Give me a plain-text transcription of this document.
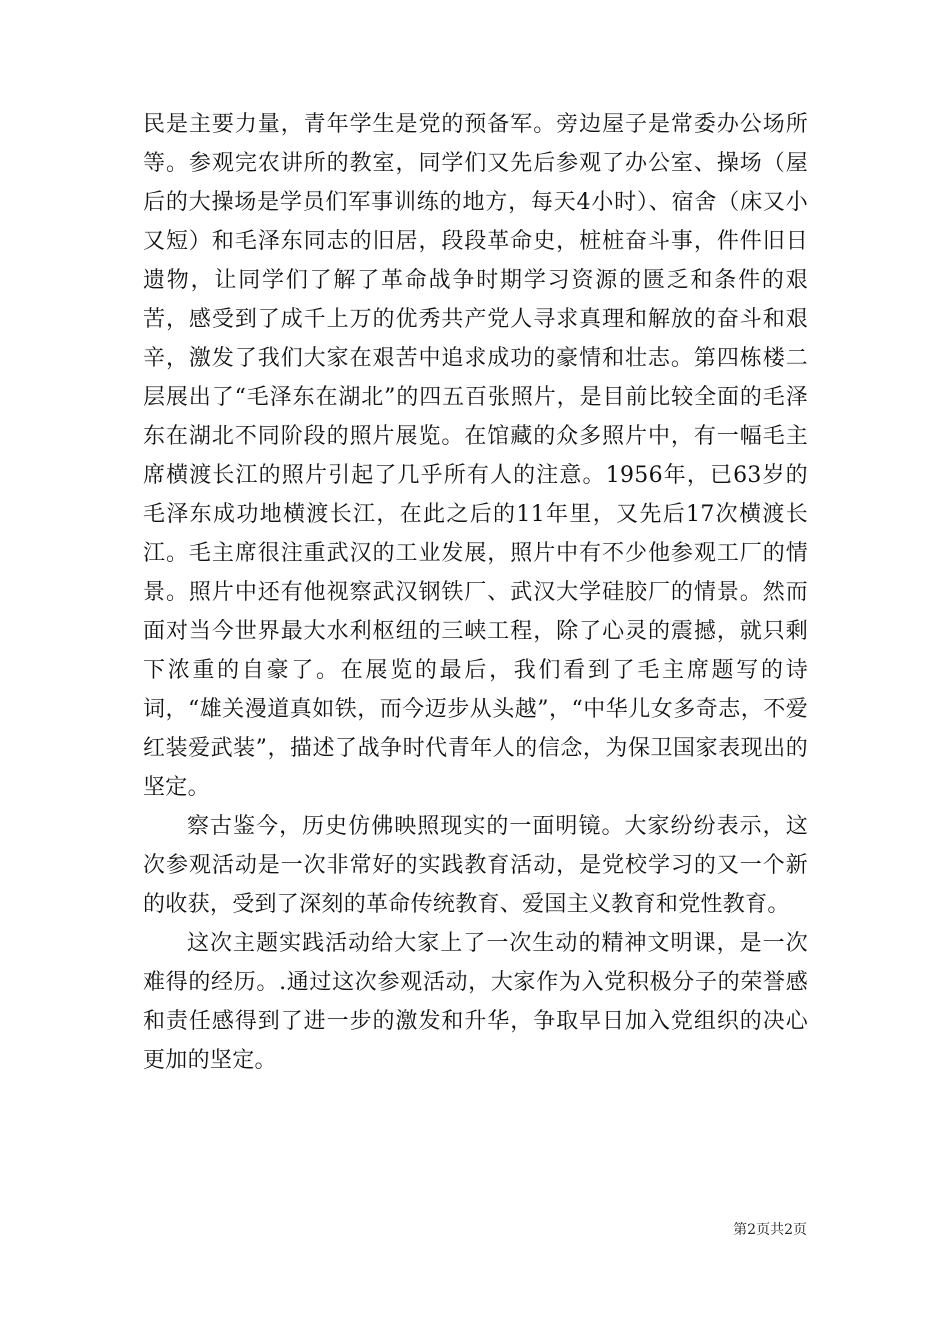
民是主要力量，青年学生是党的预备军。旁边屋子是常委办公场所等。参观完农讲所的教室，同学们又先后参观了办公室、操场（屋后的大操场是学员们军事训练的地方，每天4小时）、宿舍（床又小又短）和毛泽东同志的旧居，段段革命史，桩桩奋斗事，件件旧日遗物，让同学们了解了革命战争时期学习资源的匮乏和条件的艰苦，感受到了成千上万的优秀共产党人寻求真理和解放的奋斗和艰辛，激发了我们大家在艰苦中追求成功的豪情和壮志。第四栋楼二层展出了“毛泽东在湖北”的四五百张照片，是目前比较全面的毛泽东在湖北不同阶段的照片展览。在馆藏的众多照片中，有一幅毛主席横渡长江的照片引起了几乎所有人的注意。1956年，已63岁的毛泽东成功地横渡长江，在此之后的11年里，又先后17次横渡长江。毛主席很注重武汉的工业发展，照片中有不少他参观工厂的情景。照片中还有他视察武汉钢铁厂、武汉大学硅胶厂的情景。然而面对当今世界最大水利枢纽的三峡工程，除了心灵的震撼，就只剩下浓重的自豪了。在展览的最后，我们看到了毛主席题写的诗词，“雄关漫道真如铁，而今迈步从头越”，“中华儿女多奇志，不爱红装爱武装”，描述了战争时代青年人的信念，为保卫国家表现出的坚定。

察古鉴今，历史仿佛映照现实的一面明镜。大家纷纷表示，这次参观活动是一次非常好的实践教育活动，是党校学习的又一个新的收获，受到了深刻的革命传统教育、爱国主义教育和党性教育。

这次主题实践活动给大家上了一次生动的精神文明课，是一次难得的经历。.通过这次参观活动，大家作为入党积极分子的荣誉感和责任感得到了进一步的激发和升华，争取早日加入党组织的决心更加的坚定。

第2页共2页
